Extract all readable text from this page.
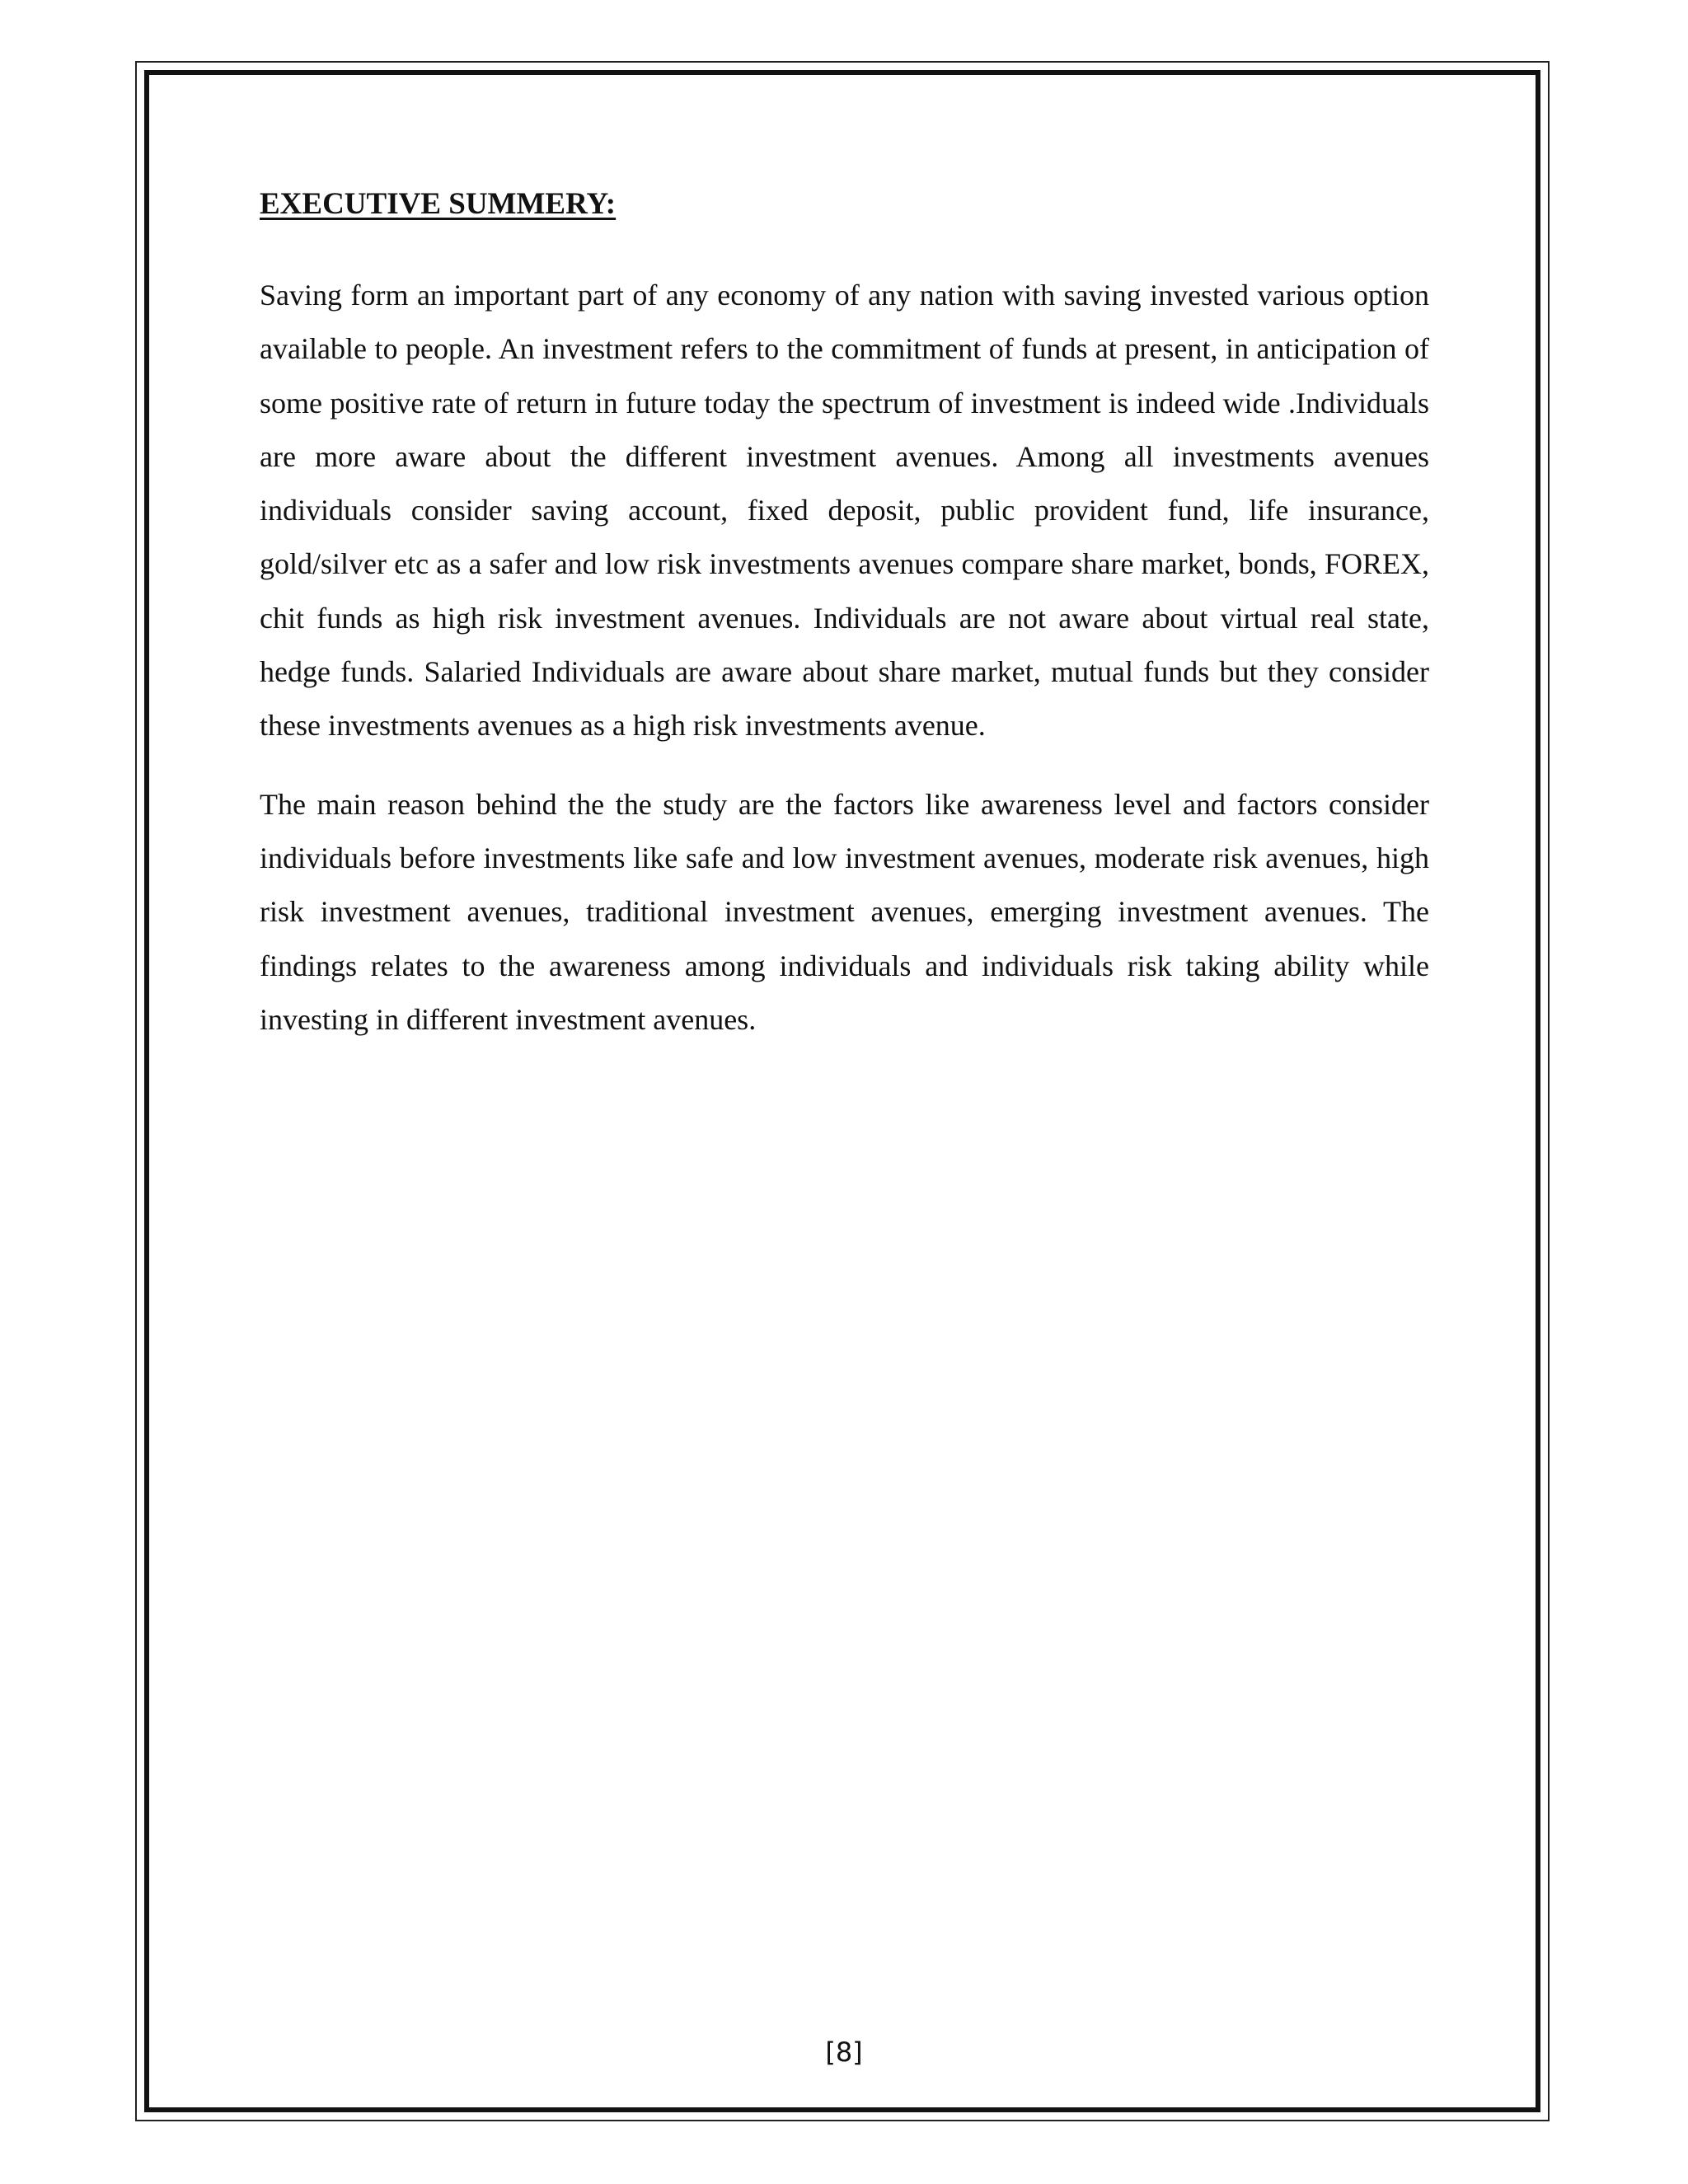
EXECUTIVE SUMMERY:

Saving form an important part of any economy of any nation with saving invested various option available to people. An investment refers to the commitment of funds at present, in anticipation of some positive rate of return in future today the spectrum of investment is indeed wide .Individuals are more aware about the different investment avenues. Among all investments avenues individuals consider saving account, fixed deposit, public provident fund, life insurance, gold/silver etc as a safer and low risk investments avenues compare share market, bonds, FOREX, chit funds as high risk investment avenues. Individuals are not aware about virtual real state, hedge funds. Salaried Individuals are aware about share market, mutual funds but they consider these investments avenues as a high risk investments avenue.

The main reason behind the the study are the factors like awareness level and factors consider individuals before investments like safe and low investment avenues, moderate risk avenues, high risk investment avenues, traditional investment avenues, emerging investment avenues. The findings relates to the awareness among individuals and individuals risk taking ability while investing in different investment avenues.

[8]
